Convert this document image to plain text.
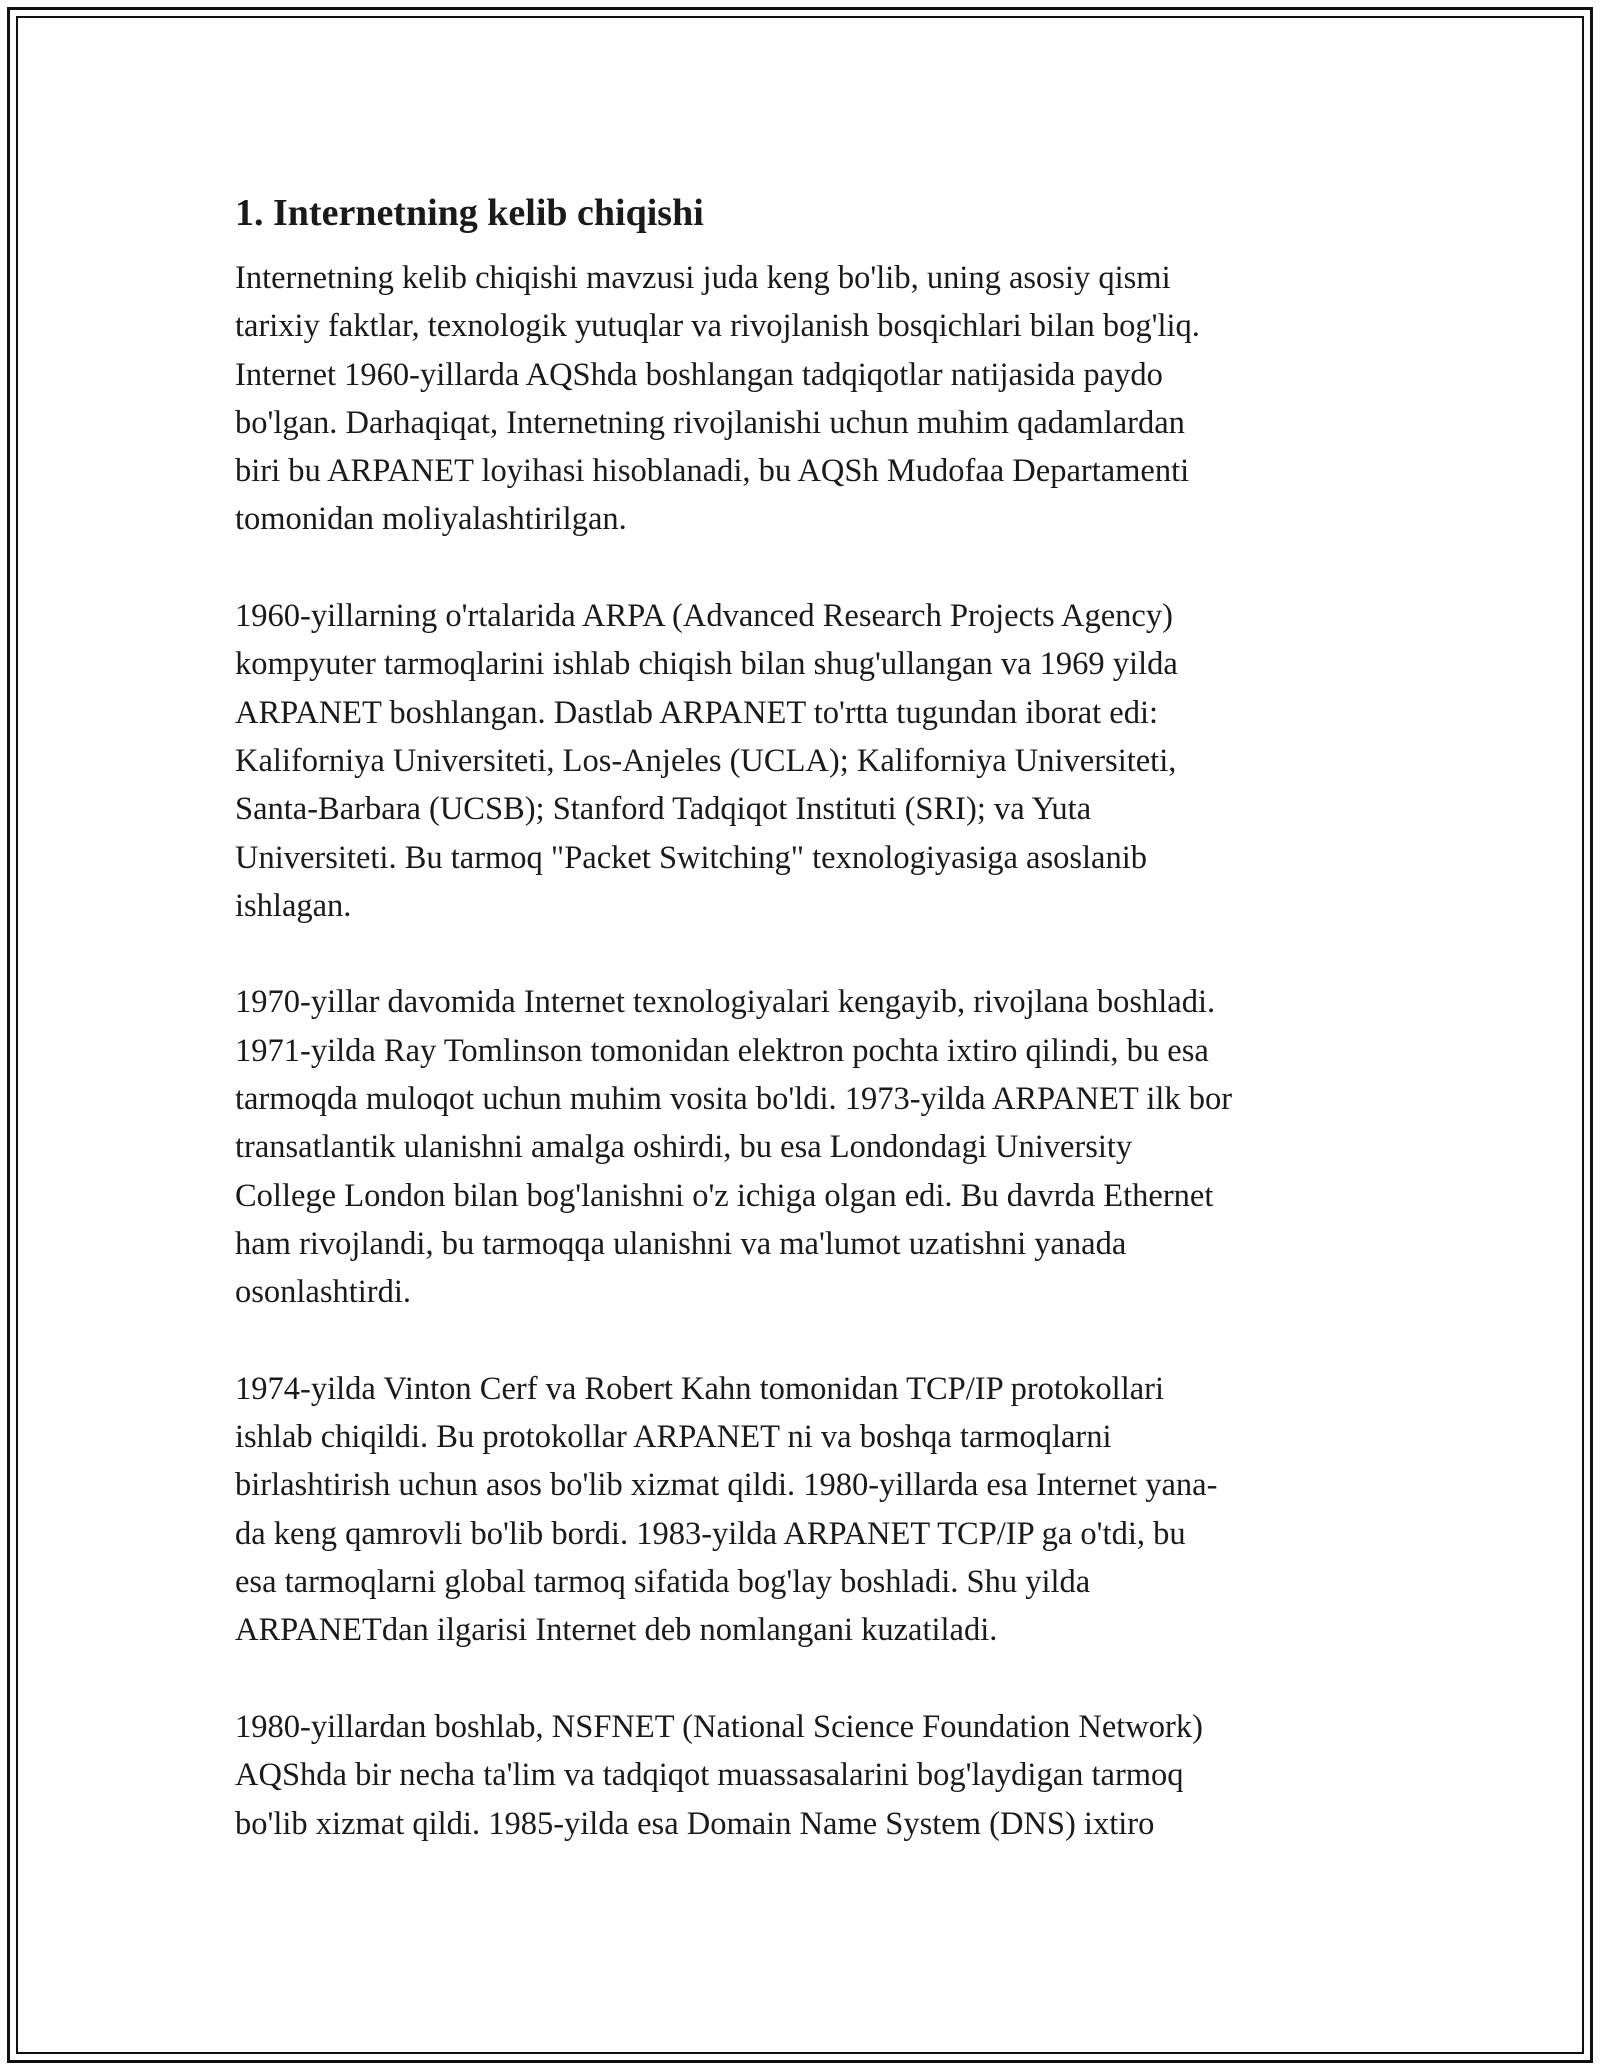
1. Internetning kelib chiqishi

Internetning kelib chiqishi mavzusi juda keng bo'lib, uning asosiy qismi
tarixiy faktlar, texnologik yutuqlar va rivojlanish bosqichlari bilan bog'liq.
Internet 1960-yillarda AQShda boshlangan tadqiqotlar natijasida paydo
bo'lgan. Darhaqiqat, Internetning rivojlanishi uchun muhim qadamlardan
biri bu ARPANET loyihasi hisoblanadi, bu AQSh Mudofaa Departamenti
tomonidan moliyalashtirilgan.

1960-yillarning o'rtalarida ARPA (Advanced Research Projects Agency)
kompyuter tarmoqlarini ishlab chiqish bilan shug'ullangan va 1969 yilda
ARPANET boshlangan. Dastlab ARPANET to'rtta tugundan iborat edi:
Kaliforniya Universiteti, Los-Anjeles (UCLA); Kaliforniya Universiteti,
Santa-Barbara (UCSB); Stanford Tadqiqot Instituti (SRI); va Yuta
Universiteti. Bu tarmoq "Packet Switching" texnologiyasiga asoslanib
ishlagan.

1970-yillar davomida Internet texnologiyalari kengayib, rivojlana boshladi.
1971-yilda Ray Tomlinson tomonidan elektron pochta ixtiro qilindi, bu esa
tarmoqda muloqot uchun muhim vosita bo'ldi. 1973-yilda ARPANET ilk bor
transatlantik ulanishni amalga oshirdi, bu esa Londondagi University
College London bilan bog'lanishni o'z ichiga olgan edi. Bu davrda Ethernet
ham rivojlandi, bu tarmoqqa ulanishni va ma'lumot uzatishni yanada
osonlashtirdi.

1974-yilda Vinton Cerf va Robert Kahn tomonidan TCP/IP protokollari
ishlab chiqildi. Bu protokollar ARPANET ni va boshqa tarmoqlarni
birlashtirish uchun asos bo'lib xizmat qildi. 1980-yillarda esa Internet yana-
da keng qamrovli bo'lib bordi. 1983-yilda ARPANET TCP/IP ga o'tdi, bu
esa tarmoqlarni global tarmoq sifatida bog'lay boshladi. Shu yilda
ARPANETdan ilgarisi Internet deb nomlangani kuzatiladi.

1980-yillardan boshlab, NSFNET (National Science Foundation Network)
AQShda bir necha ta'lim va tadqiqot muassasalarini bog'laydigan tarmoq
bo'lib xizmat qildi. 1985-yilda esa Domain Name System (DNS) ixtiro
